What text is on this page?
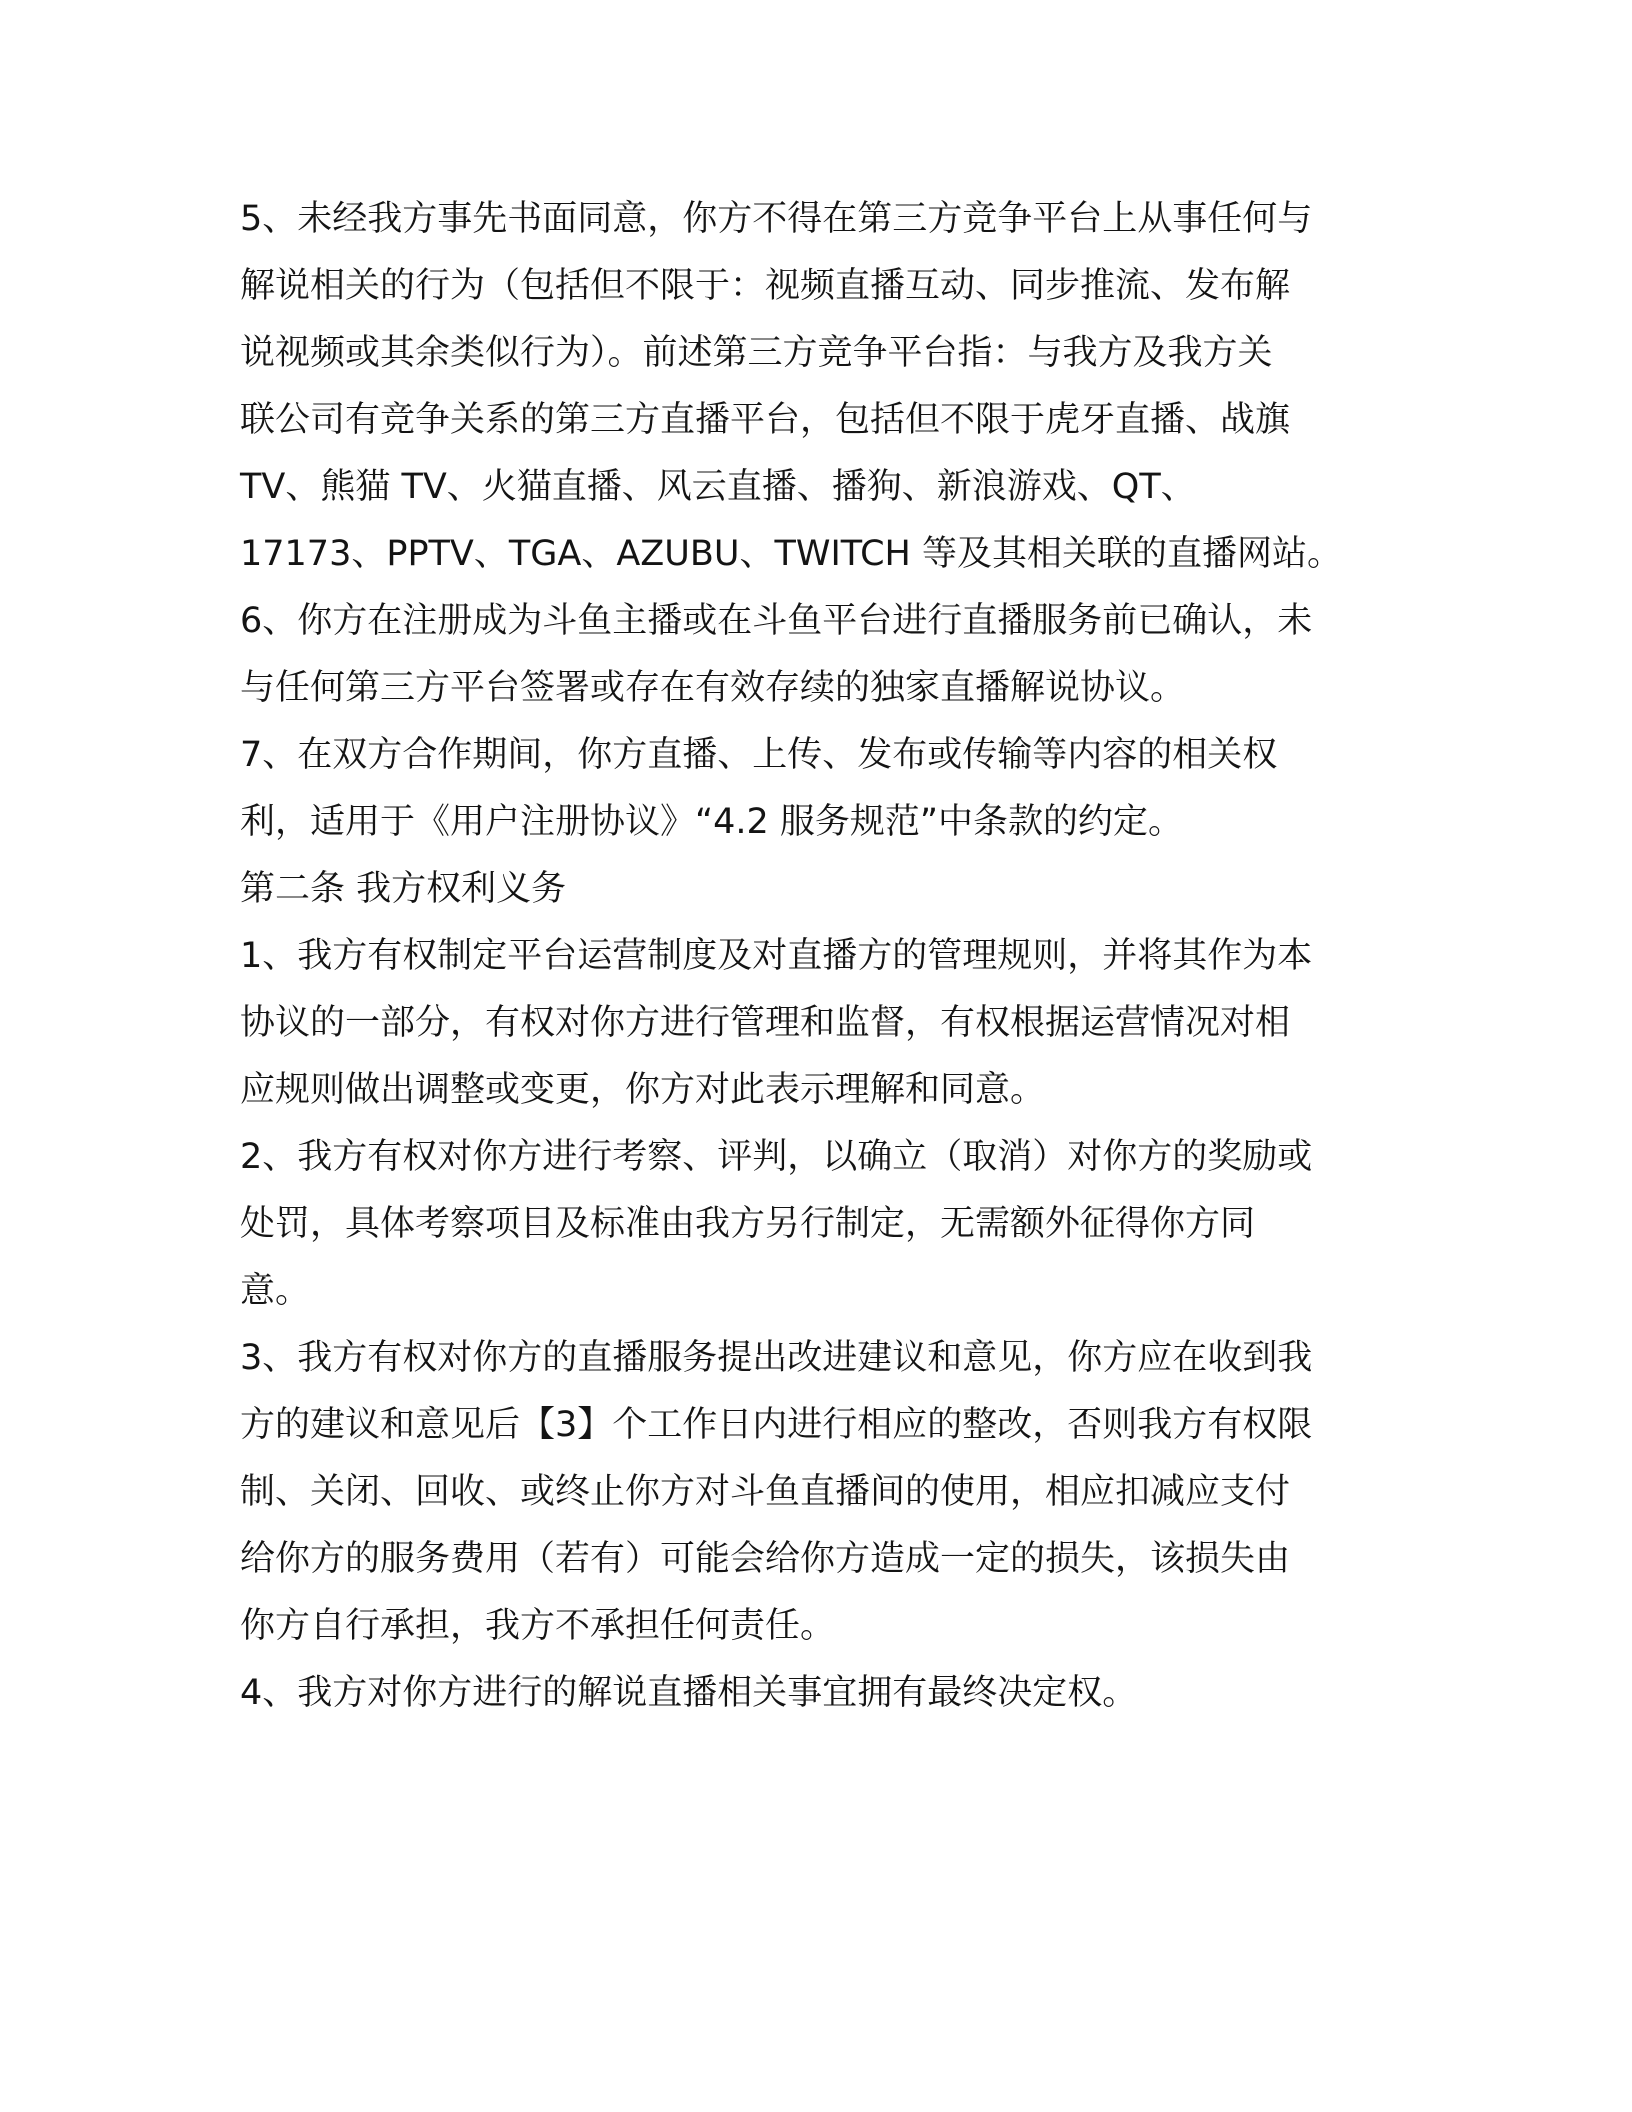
5、未经我方事先书面同意，你方不得在第三方竞争平台上从事任何与
解说相关的行为（包括但不限于：视频直播互动、同步推流、发布解
说视频或其余类似行为）。前述第三方竞争平台指：与我方及我方关
联公司有竞争关系的第三方直播平台，包括但不限于虎牙直播、战旗
TV、熊猫 TV、火猫直播、风云直播、播狗、新浪游戏、QT、
17173、PPTV、TGA、AZUBU、TWITCH 等及其相关联的直播网站。
6、你方在注册成为斗鱼主播或在斗鱼平台进行直播服务前已确认，未
与任何第三方平台签署或存在有效存续的独家直播解说协议。
7、在双方合作期间，你方直播、上传、发布或传输等内容的相关权
利，适用于《用户注册协议》“4.2 服务规范”中条款的约定。
第二条 我方权利义务
1、我方有权制定平台运营制度及对直播方的管理规则，并将其作为本
协议的一部分，有权对你方进行管理和监督，有权根据运营情况对相
应规则做出调整或变更，你方对此表示理解和同意。
2、我方有权对你方进行考察、评判，以确立（取消）对你方的奖励或
处罚，具体考察项目及标准由我方另行制定，无需额外征得你方同
意。
3、我方有权对你方的直播服务提出改进建议和意见，你方应在收到我
方的建议和意见后【3】个工作日内进行相应的整改，否则我方有权限
制、关闭、回收、或终止你方对斗鱼直播间的使用，相应扣减应支付
给你方的服务费用（若有）可能会给你方造成一定的损失，该损失由
你方自行承担，我方不承担任何责任。
4、我方对你方进行的解说直播相关事宜拥有最终决定权。
